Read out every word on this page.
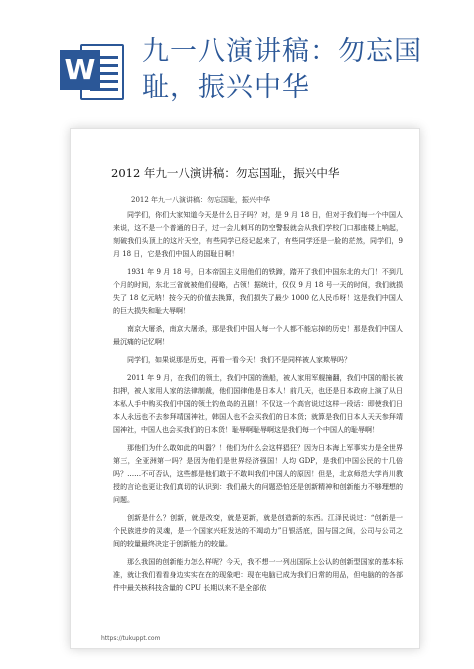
W
九一八演讲稿：勿忘国耻，振兴中华
2012 年九一八演讲稿：勿忘国耻，振兴中华
2012 年九一八演讲稿：勿忘国耻，振兴中华

同学们，你们大家知道今天是什么日子吗？对，是 9 月 18 日，但对于我们每一个中国人来说，这不是一个普通的日子，过一会儿刺耳的防空警报就会从我们学校门口那座楼上响起，刻破我们头顶上的这片天空，有些同学已经记起来了，有些同学还是一脸的茫然，同学们，9 月 18 日，它是我们中国人的国耻日啊！

1931 年 9 月 18 号，日本帝国主义用他们的铁蹄，踏开了我们中国东北的大门！不到几个月的时间，东北三省就被他们侵略，占领！据统计，仅仅 9 月 18 号一天的时间，我们就损失了 18 亿元呐！按今天的价值去换算，我们损失了最少 1000 亿人民币呀！这是我们中国人的巨大损失和耻大辱啊！

南京大屠杀，南京大屠杀，那是我们中国人每一个人都不能忘掉的历史！那是我们中国人最沉痛的记忆啊！

同学们，如果说那是历史，再看一看今天！我们不是同样被人家欺辱吗？

2011 年 9 月，在我们的领土，我们中国的渔船，被人家用军舰撞翻，我们中国的船长被扣押，被人家用人家的法律制裁，他们国律他是日本人！前几天，也还是日本政府上演了从日本私人手中购买我们中国的领土钓鱼岛的丑剧！不仅这一个高官说过这样一段话：即使我们日本人永远也不去参拜靖国神社，韩国人也不会买我们的日本货；就算是我们日本人天天参拜靖国神社，中国人也会买我们的日本货！耻辱啊耻辱啊这是我们每一个中国人的耻辱啊！

那他们为什么敢如此的叫嚣？！他们为什么会这样猖狂？因为日本海上军事实力是全世界第三，全亚洲第一吗？是因为他们是世界经济强国！人均 GDP，是我们中国公民的十几倍吗？……不可否认，这些都是他们敢于不敢叫我们中国人的原因！但是，北京师范大学肖川教授的言论也更让我们真切的认识到：我们最大的问题恐怕还是创新精神和创新能力不够理想的问题。

创新是什么？创新，就是改变，就是更新，就是创造新的东西。江泽民说过：“创新是一个民族进步的灵魂，是一个国家兴旺发达的不竭动力”日银活底，国与国之间，公司与公司之间的较量最终决定于创新能力的较量。

那么我国的创新能力怎么样呢？今天，我不想一一列出国际上公认的创新型国家的基本标准，就让我们看看身边实实在在的现象吧：现在电脑已成为我们日常的用品，但电脑的的各部件中最关核科技含量的 CPU 长期以来不是全部依

https://tukuppt.com
